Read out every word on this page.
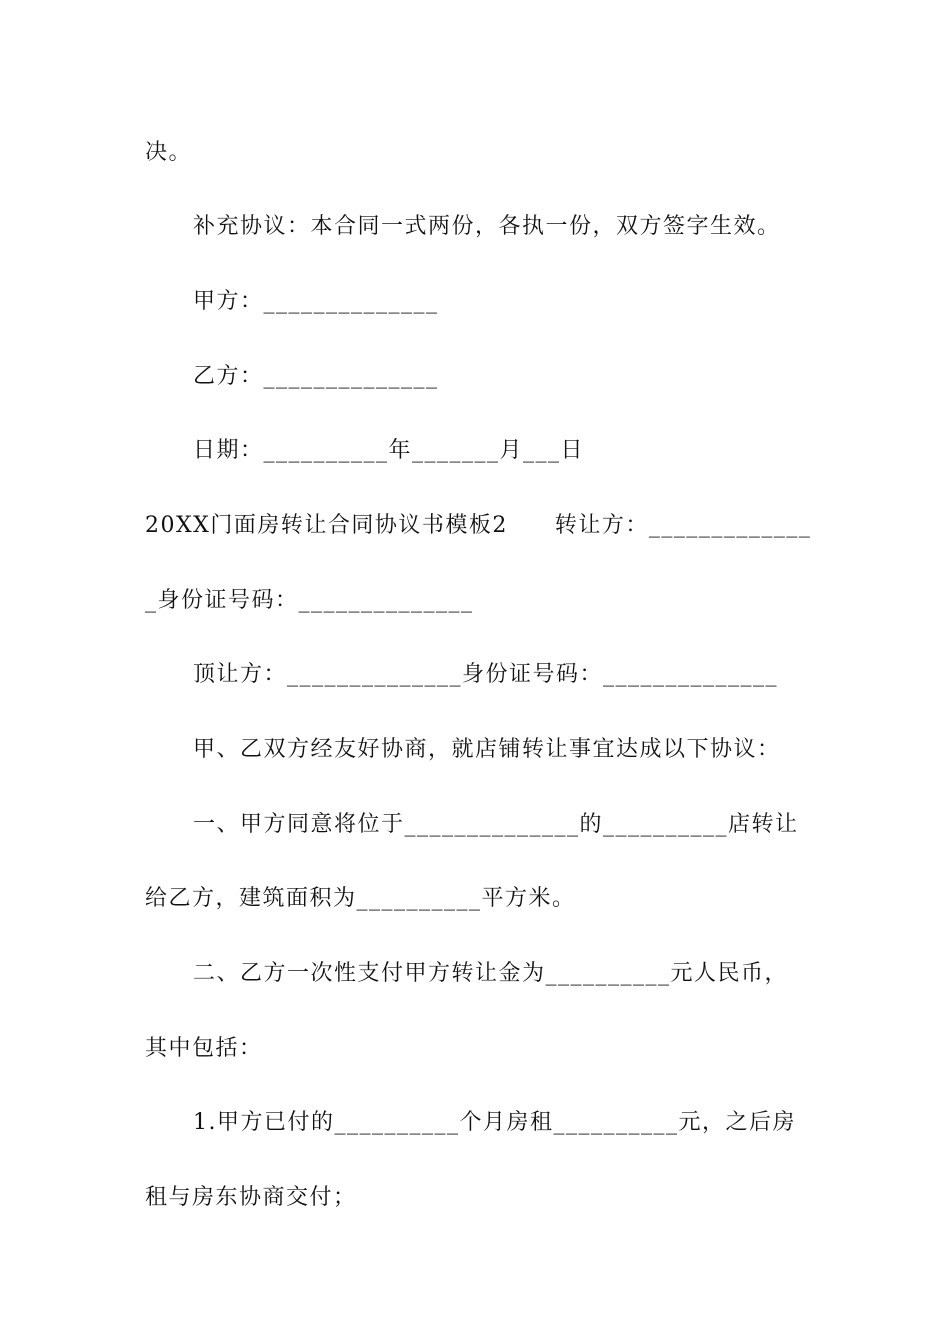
决。
补充协议：本合同一式两份，各执一份，双方签字生效。
甲方：______________
乙方：______________
日期：__________年_______月___日
20XX门面房转让合同协议书模板2　　转让方：_____________
_身份证号码：______________
顶让方：______________身份证号码：______________
甲、乙双方经友好协商，就店铺转让事宜达成以下协议：
一、甲方同意将位于______________的__________店转让
给乙方，建筑面积为__________平方米。
二、乙方一次性支付甲方转让金为__________元人民币，
其中包括：
1.甲方已付的__________个月房租__________元，之后房
租与房东协商交付；
